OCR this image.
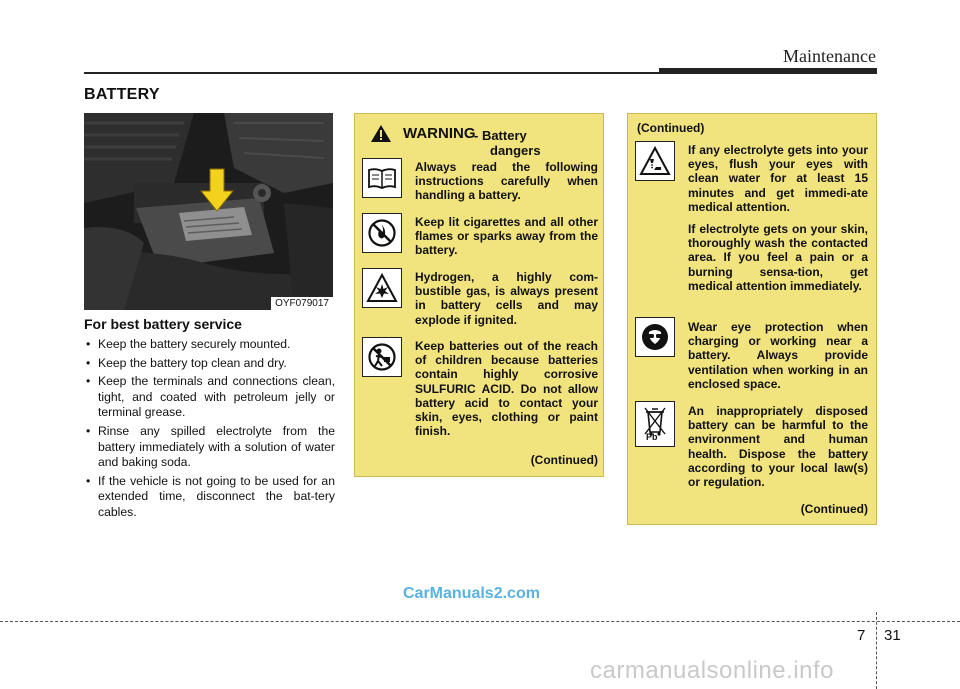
Maintenance
BATTERY
OYF079017
For best battery service
• Keep the battery securely mounted.
• Keep the battery top clean and dry.
• Keep the terminals and connections clean, tight, and coated with petroleum jelly or terminal grease.
• Rinse any spilled electrolyte from the battery immediately with a solution of water and baking soda.
• If the vehicle is not going to be used for an extended time, disconnect the bat-tery cables.
WARNING
- Battery
dangers
Always read the following instructions carefully when handling a battery.
Keep lit cigarettes and all other flames or sparks away from the battery.
Hydrogen, a highly com-bustible gas, is always present in battery cells and may explode if ignited.
Keep batteries out of the reach of children because batteries contain highly corrosive SULFURIC ACID. Do not allow battery acid to contact your skin, eyes, clothing or paint finish.
(Continued)
(Continued)
If any electrolyte gets into your eyes, flush your eyes with clean water for at least 15 minutes and get immedi-ate medical attention.
If electrolyte gets on your skin, thoroughly wash the contacted area. If you feel a pain or a burning sensa-tion, get medical attention immediately.
Wear eye protection when charging or working near a battery. Always provide ventilation when working in an enclosed space.
Pb
An inappropriately disposed battery can be harmful to the environment and human health. Dispose the battery according to your local law(s) or regulation.
(Continued)
CarManuals2.com
carmanualsonline.info
7 31
